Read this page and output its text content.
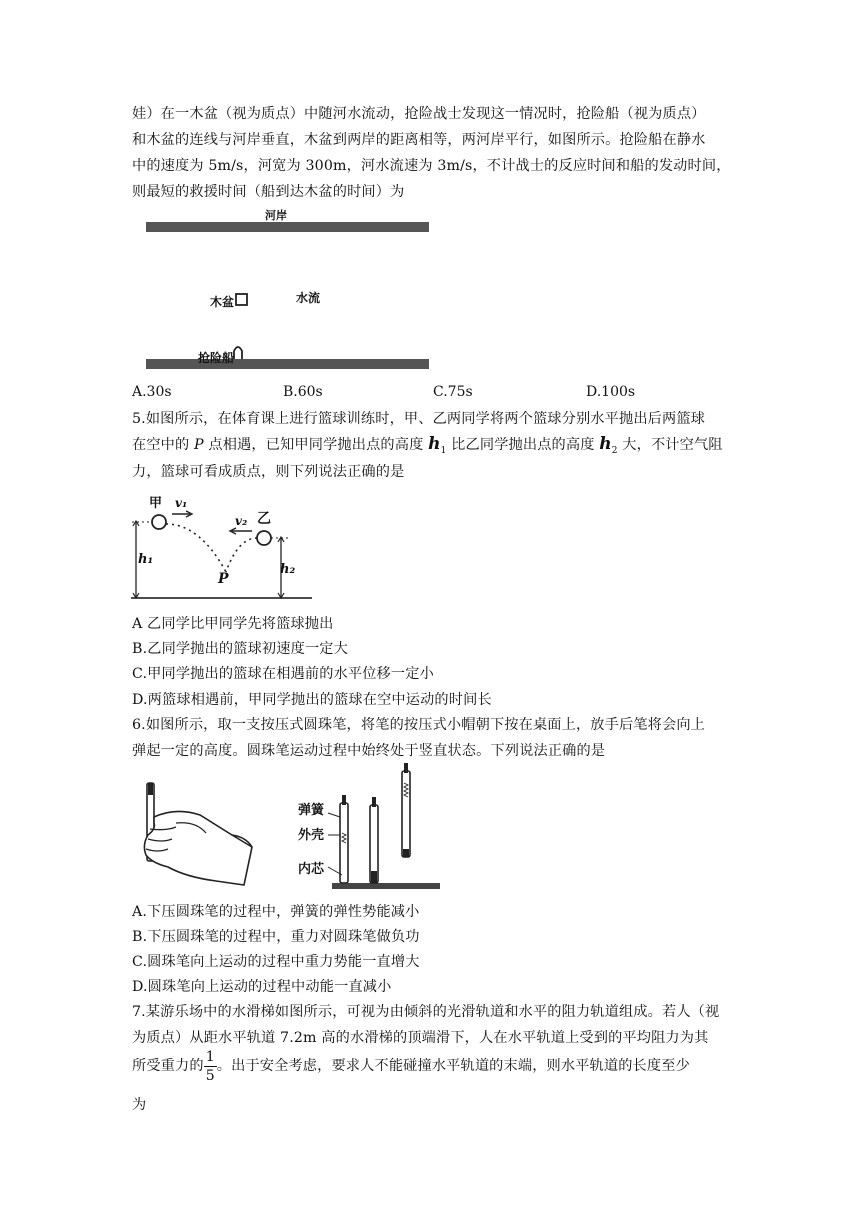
娃）在一木盆（视为质点）中随河水流动，抢险战士发现这一情况时，抢险船（视为质点）
和木盆的连线与河岸垂直，木盆到两岸的距离相等，两河岸平行，如图所示。抢险船在静水
中的速度为 5m/s，河宽为 300m，河水流速为 3m/s，不计战士的反应时间和船的发动时间，
则最短的救援时间（船到达木盆的时间）为
河岸
木盆	水流
抢险船
A.30s	B.60s	C.75s	D.100s
5.如图所示，在体育课上进行篮球训练时，甲、乙两同学将两个篮球分别水平抛出后两篮球
在空中的 P 点相遇，已知甲同学抛出点的高度 $h_1$ 比乙同学抛出点的高度 $h_2$ 大，不计空气阻
力，篮球可看成质点，则下列说法正确的是
甲
乙
v₁
v₂
P
h₁
h₂
A 乙同学比甲同学先将篮球抛出
B.乙同学抛出的篮球初速度一定大
C.甲同学抛出的篮球在相遇前的水平位移一定小
D.两篮球相遇前，甲同学抛出的篮球在空中运动的时间长
6.如图所示，取一支按压式圆珠笔，将笔的按压式小帽朝下按在桌面上，放手后笔将会向上
弹起一定的高度。圆珠笔运动过程中始终处于竖直状态。下列说法正确的是
弹簧
外壳
内芯
A.下压圆珠笔的过程中，弹簧的弹性势能减小
B.下压圆珠笔的过程中，重力对圆珠笔做负功
C.圆珠笔向上运动的过程中重力势能一直增大
D.圆珠笔向上运动的过程中动能一直减小
7.某游乐场中的水滑梯如图所示，可视为由倾斜的光滑轨道和水平的阻力轨道组成。若人（视
为质点）从距水平轨道 7.2m 高的水滑梯的顶端滑下，人在水平轨道上受到的平均阻力为其
所受重力的 $\frac{1}{5}$ 。出于安全考虑，要求人不能碰撞水平轨道的末端，则水平轨道的长度至少
为
